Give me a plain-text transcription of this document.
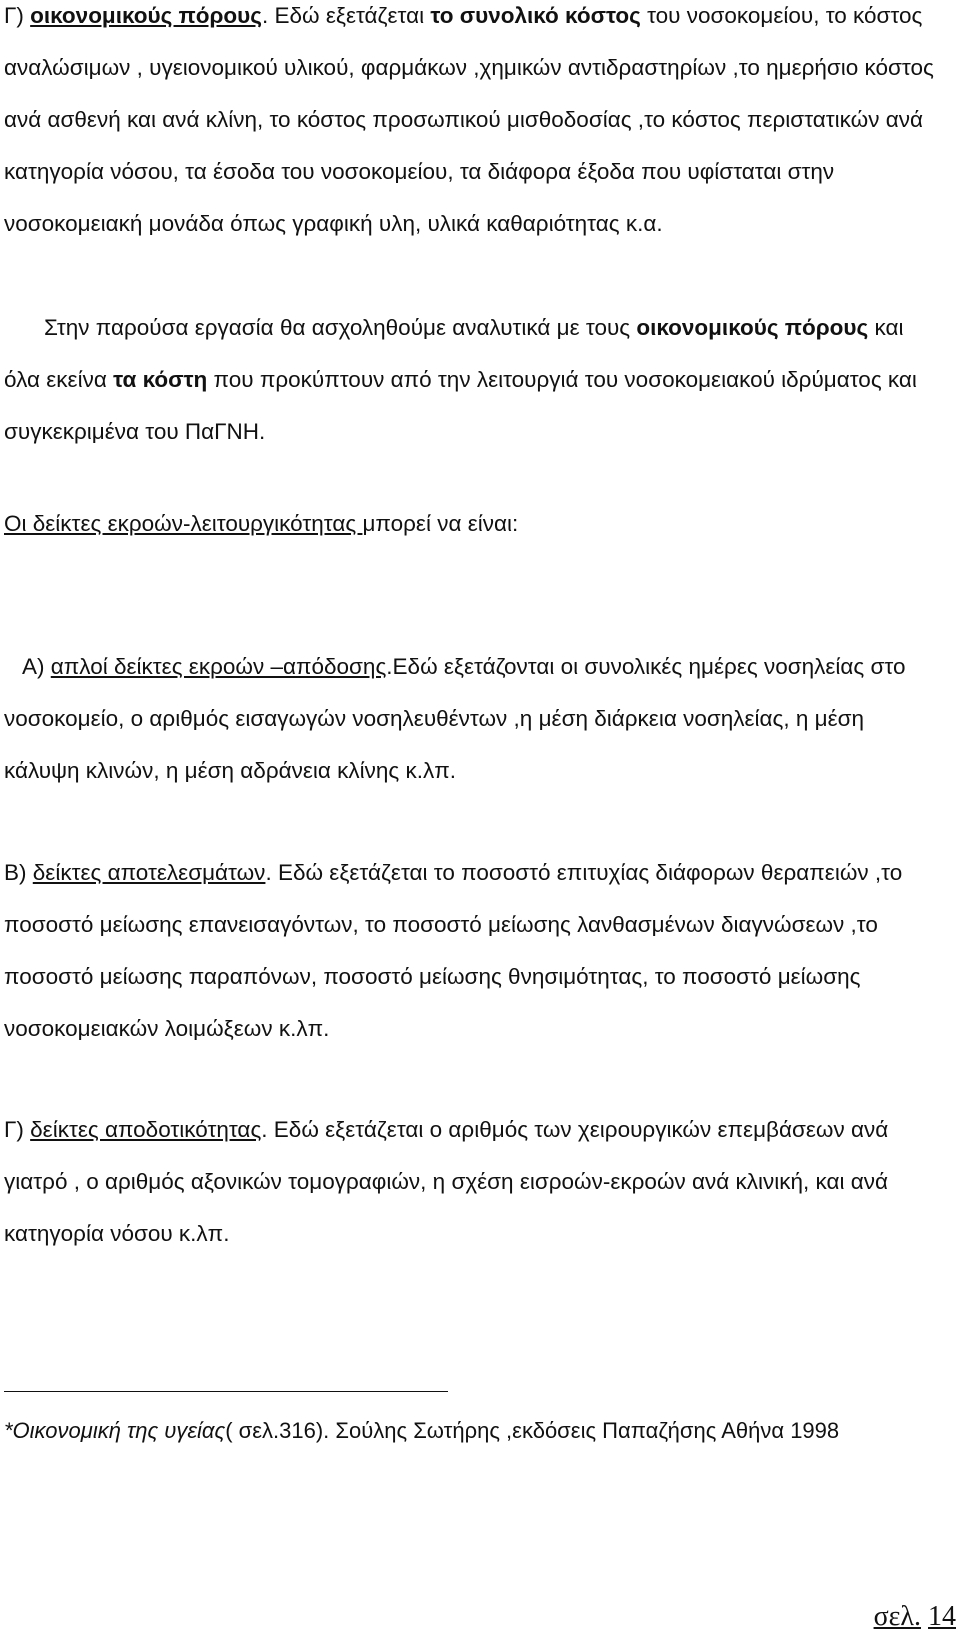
Γ) οικονομικούς πόρους. Εδώ εξετάζεται το συνολικό κόστος του νοσοκομείου, το κόστος αναλώσιμων , υγειονομικού υλικού, φαρμάκων ,χημικών αντιδραστηρίων ,το ημερήσιο κόστος ανά ασθενή και ανά κλίνη, το κόστος προσωπικού μισθοδοσίας ,το κόστος περιστατικών ανά κατηγορία νόσου, τα έσοδα του νοσοκομείου, τα διάφορα έξοδα που υφίσταται στην νοσοκομειακή μονάδα όπως γραφική υλη, υλικά καθαριότητας κ.α.

Στην παρούσα εργασία θα ασχοληθούμε αναλυτικά με τους οικονομικούς πόρους και όλα εκείνα τα κόστη που προκύπτουν από την λειτουργιά του νοσοκομειακού ιδρύματος και συγκεκριμένα του ΠαΓΝΗ.

Οι δείκτες εκροών-λειτουργικότητας μπορεί να είναι:

Α) απλοί δείκτες εκροών –απόδοσης.Εδώ εξετάζονται οι συνολικές ημέρες νοσηλείας στο νοσοκομείο, ο αριθμός εισαγωγών νοσηλευθέντων ,η μέση διάρκεια νοσηλείας, η μέση κάλυψη κλινών, η μέση αδράνεια κλίνης κ.λπ.

Β) δείκτες αποτελεσμάτων. Εδώ εξετάζεται το ποσοστό επιτυχίας διάφορων θεραπειών ,το ποσοστό μείωσης επανεισαγόντων, το ποσοστό μείωσης λανθασμένων διαγνώσεων ,το ποσοστό μείωσης παραπόνων, ποσοστό μείωσης θνησιμότητας, το ποσοστό μείωσης νοσοκομειακών λοιμώξεων κ.λπ.

Γ) δείκτες αποδοτικότητας. Εδώ εξετάζεται ο αριθμός των χειρουργικών επεμβάσεων ανά γιατρό , ο αριθμός αξονικών τομογραφιών, η σχέση εισροών-εκροών ανά κλινική, και ανά κατηγορία νόσου κ.λπ.

*Οικονομική της υγείας( σελ.316). Σούλης Σωτήρης ,εκδόσεις Παπαζήσης Αθήνα 1998

σελ. 14
